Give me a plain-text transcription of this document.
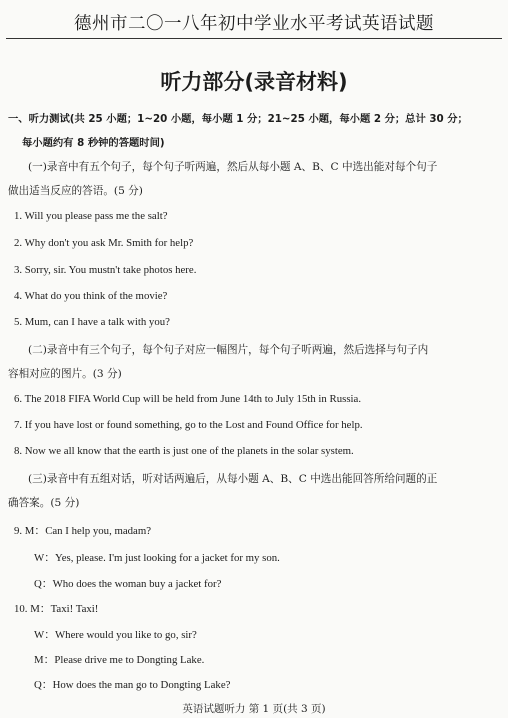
德州市二〇一八年初中学业水平考试英语试题
听力部分(录音材料)
一、听力测试(共 25 小题；1~20 小题，每小题 1 分；21~25 小题，每小题 2 分；总计 30 分；
每小题约有 8 秒钟的答题时间)
(一)录音中有五个句子，每个句子听两遍，然后从每小题 A、B、C 中选出能对每个句子
做出适当反应的答语。(5 分)
1. Will you please pass me the salt?
2. Why don't you ask Mr. Smith for help?
3. Sorry, sir. You mustn't take photos here.
4. What do you think of the movie?
5. Mum, can I have a talk with you?
(二)录音中有三个句子，每个句子对应一幅图片，每个句子听两遍，然后选择与句子内
容相对应的图片。(3 分)
6. The 2018 FIFA World Cup will be held from June 14th to July 15th in Russia.
7. If you have lost or found something, go to the Lost and Found Office for help.
8. Now we all know that the earth is just one of the planets in the solar system.
(三)录音中有五组对话，听对话两遍后，从每小题 A、B、C 中选出能回答所给问题的正
确答案。(5 分)
9. M：Can I help you, madam?
W：Yes, please. I'm just looking for a jacket for my son.
Q：Who does the woman buy a jacket for?
10. M：Taxi! Taxi!
W：Where would you like to go, sir?
M：Please drive me to Dongting Lake.
Q：How does the man go to Dongting Lake?
英语试题听力 第 1 页(共 3 页)
